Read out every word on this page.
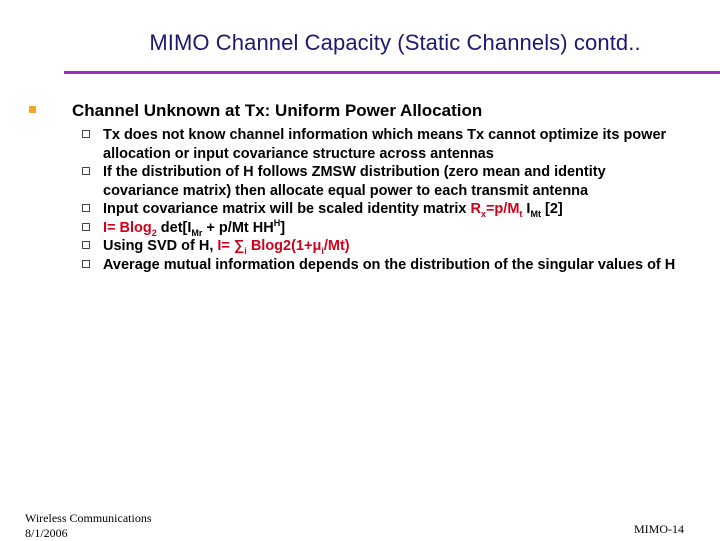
MIMO Channel Capacity (Static Channels) contd..
Channel Unknown at Tx: Uniform Power Allocation
Tx does not know channel information which means Tx cannot optimize its power allocation or input covariance structure across antennas
If the distribution of H follows ZMSW distribution (zero mean and identity covariance matrix) then allocate equal power to each transmit antenna
Input covariance matrix will be scaled identity matrix $R_x=p/M_t$ $I_{Mt}$ [2]
I= Blog$_2$ $\det[I_{Mr} + p/Mt$ $HH^H$]
Using SVD of H, $I= \sum_i$ $Blog2(1+\mu_i/Mt)$
Average mutual information depends on the distribution of the singular values of H
Wireless Communications
8/1/2006	MIMO-14
